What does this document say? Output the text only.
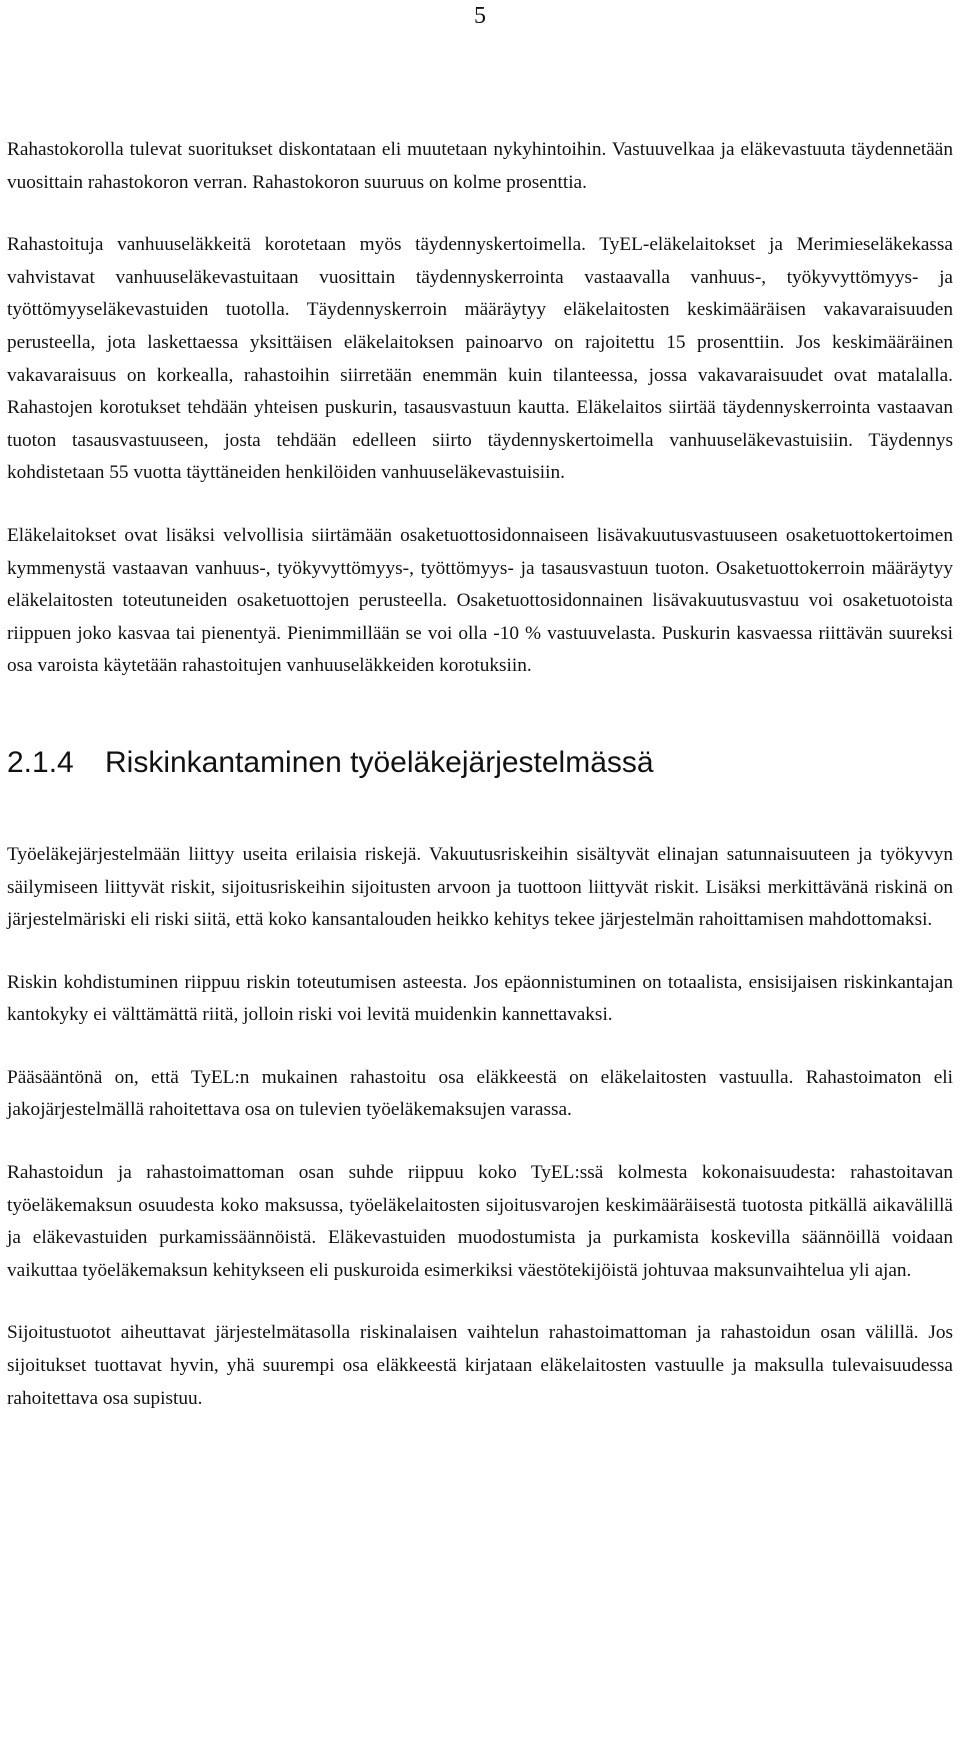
5

Rahastokorolla tulevat suoritukset diskontataan eli muutetaan nykyhintoihin. Vastuuvelkaa ja eläkevastuuta täydennetään vuosittain rahastokoron verran. Rahastokoron suuruus on kolme prosenttia.

Rahastoituja vanhuuseläkkeitä korotetaan myös täydennyskertoimella. TyEL-eläkelaitokset ja Merimieseläkekassa vahvistavat vanhuuseläkevastuitaan vuosittain täydennyskerrointa vastaavalla vanhuus-, työkyvyttömyys- ja työttömyyseläkevastuiden tuotolla. Täydennyskerroin määräytyy eläkelaitosten keskimääräisen vakavaraisuuden perusteella, jota laskettaessa yksittäisen eläkelaitoksen painoarvo on rajoitettu 15 prosenttiin. Jos keskimääräinen vakavaraisuus on korkealla, rahastoihin siirretään enemmän kuin tilanteessa, jossa vakavaraisuudet ovat matalalla. Rahastojen korotukset tehdään yhteisen puskurin, tasausvastuun kautta. Eläkelaitos siirtää täydennyskerrointa vastaavan tuoton tasausvastuuseen, josta tehdään edelleen siirto täydennyskertoimella vanhuuseläkevastuisiin. Täydennys kohdistetaan 55 vuotta täyttäneiden henkilöiden vanhuuseläkevastuisiin.

Eläkelaitokset ovat lisäksi velvollisia siirtämään osaketuottosidonnaiseen lisävakuutusvastuuseen osaketuottokertoimen kymmenystä vastaavan vanhuus-, työkyvyttömyys-, työttömyys- ja tasausvastuun tuoton. Osaketuottokerroin määräytyy eläkelaitosten toteutuneiden osaketuottojen perusteella. Osaketuottosidonnainen lisävakuutusvastuu voi osaketuotoista riippuen joko kasvaa tai pienentyä. Pienimmillään se voi olla -10 % vastuuvelasta. Puskurin kasvaessa riittävän suureksi osa varoista käytetään rahastoitujen vanhuuseläkkeiden korotuksiin.

2.1.4 Riskinkantaminen työeläkejärjestelmässä

Työeläkejärjestelmään liittyy useita erilaisia riskejä. Vakuutusriskeihin sisältyvät elinajan satunnaisuuteen ja työkyvyn säilymiseen liittyvät riskit, sijoitusriskeihin sijoitusten arvoon ja tuottoon liittyvät riskit. Lisäksi merkittävänä riskinä on järjestelmäriski eli riski siitä, että koko kansantalouden heikko kehitys tekee järjestelmän rahoittamisen mahdottomaksi.

Riskin kohdistuminen riippuu riskin toteutumisen asteesta. Jos epäonnistuminen on totaalista, ensisijaisen riskinkantajan kantokyky ei välttämättä riitä, jolloin riski voi levitä muidenkin kannettavaksi.

Pääsääntönä on, että TyEL:n mukainen rahastoitu osa eläkkeestä on eläkelaitosten vastuulla. Rahastoimaton eli jakojärjestelmällä rahoitettava osa on tulevien työeläkemaksujen varassa.

Rahastoidun ja rahastoimattoman osan suhde riippuu koko TyEL:ssä kolmesta kokonaisuudesta: rahastoitavan työeläkemaksun osuudesta koko maksussa, työeläkelaitosten sijoitusvarojen keskimääräisestä tuotosta pitkällä aikavälillä ja eläkevastuiden purkamissäännöistä. Eläkevastuiden muodostumista ja purkamista koskevilla säännöillä voidaan vaikuttaa työeläkemaksun kehitykseen eli puskuroida esimerkiksi väestötekijöistä johtuvaa maksunvaihtelua yli ajan.

Sijoitustuotot aiheuttavat järjestelmätasolla riskinalaisen vaihtelun rahastoimattoman ja rahastoidun osan välillä. Jos sijoitukset tuottavat hyvin, yhä suurempi osa eläkkeestä kirjataan eläkelaitosten vastuulle ja maksulla tulevaisuudessa rahoitettava osa supistuu.
